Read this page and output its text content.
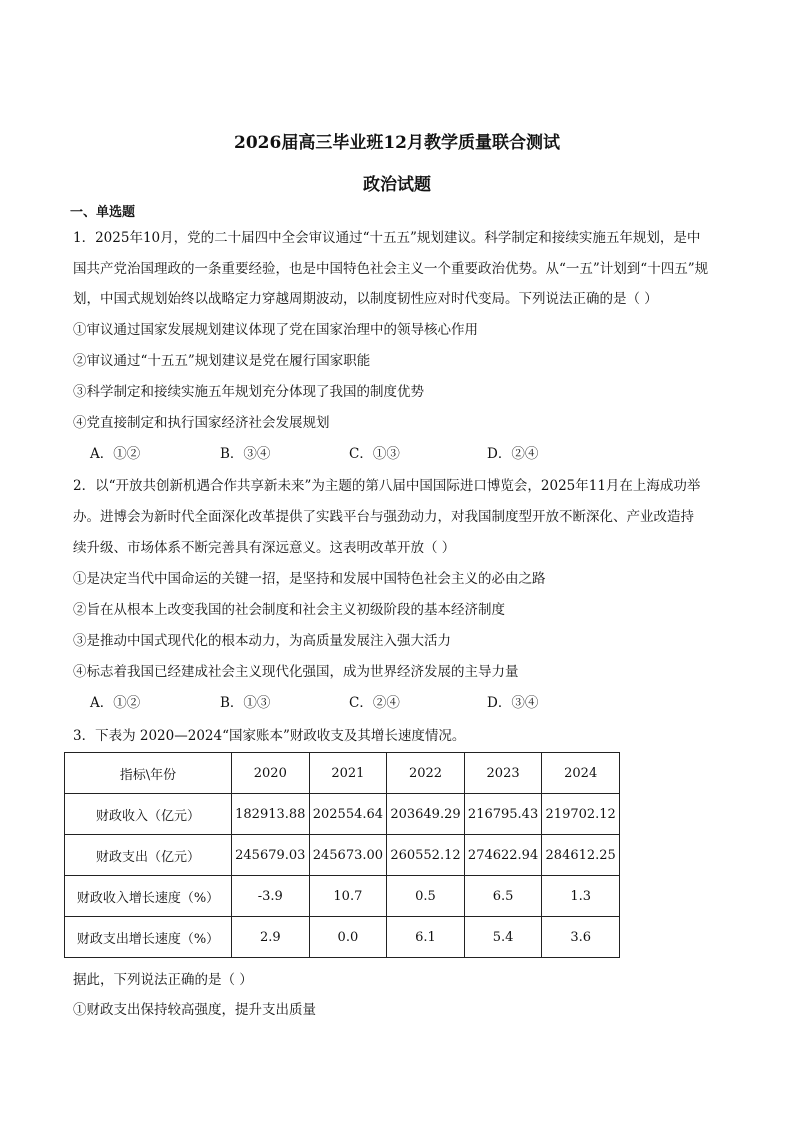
2026届高三毕业班12月教学质量联合测试
政治试题
一、单选题
1．2025年10月，党的二十届四中全会审议通过“十五五”规划建议。科学制定和接续实施五年规划，是中
国共产党治国理政的一条重要经验，也是中国特色社会主义一个重要政治优势。从“一五”计划到“十四五”规
划，中国式规划始终以战略定力穿越周期波动，以制度韧性应对时代变局。下列说法正确的是（ ）
①审议通过国家发展规划建议体现了党在国家治理中的领导核心作用
②审议通过“十五五”规划建议是党在履行国家职能
③科学制定和接续实施五年规划充分体现了我国的制度优势
④党直接制定和执行国家经济社会发展规划
A．①②	B．③④	C．①③	D．②④
2．以“开放共创新机遇合作共享新未来”为主题的第八届中国国际进口博览会，2025年11月在上海成功举
办。进博会为新时代全面深化改革提供了实践平台与强劲动力，对我国制度型开放不断深化、产业改造持
续升级、市场体系不断完善具有深远意义。这表明改革开放（ ）
①是决定当代中国命运的关键一招，是坚持和发展中国特色社会主义的必由之路
②旨在从根本上改变我国的社会制度和社会主义初级阶段的基本经济制度
③是推动中国式现代化的根本动力，为高质量发展注入强大活力
④标志着我国已经建成社会主义现代化强国，成为世界经济发展的主导力量
A．①②	B．①③	C．②④	D．③④
3．下表为 2020—2024“国家账本”财政收支及其增长速度情况。
指标\年份	2020	2021	2022	2023	2024
财政收入（亿元）	182913.88	202554.64	203649.29	216795.43	219702.12
财政支出（亿元）	245679.03	245673.00	260552.12	274622.94	284612.25
财政收入增长速度（%）	-3.9	10.7	0.5	6.5	1.3
财政支出增长速度（%）	2.9	0.0	6.1	5.4	3.6
据此，下列说法正确的是（ ）
①财政支出保持较高强度，提升支出质量
